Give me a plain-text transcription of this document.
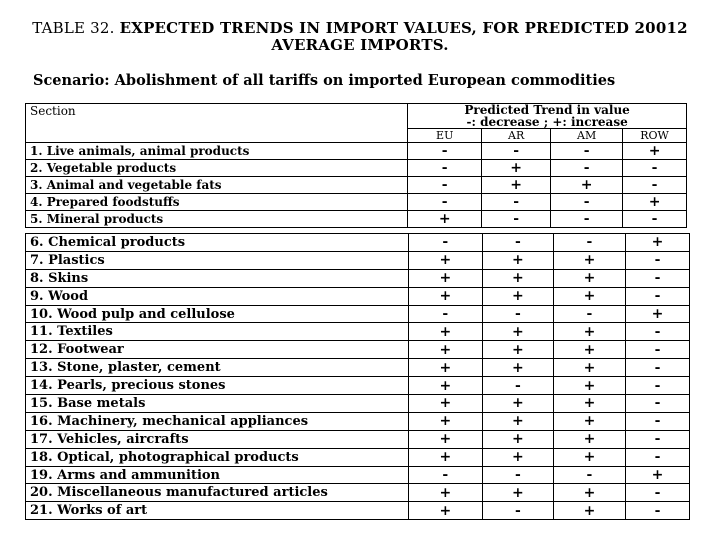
TABLE 32. EXPECTED TRENDS IN IMPORT VALUES, FOR PREDICTED 20012
AVERAGE IMPORTS.
Scenario: Abolishment of all tariffs on imported European commodities
Section	Predicted Trend in value
-: decrease ; +: increase			

	EU	AR	AM	ROW
1. Live animals, animal products	-	-	-	+
2. Vegetable products	-	+	-	-
3. Animal and vegetable fats	-	+	+	-
4. Prepared foodstuffs	-	-	-	+
5. Mineral products	+	-	-	-
6. Chemical products	-	-	-	+
7. Plastics	+	+	+	-
8. Skins	+	+	+	-
9. Wood	+	+	+	-
10. Wood pulp and cellulose	-	-	-	+
11. Textiles	+	+	+	-
12. Footwear	+	+	+	-
13. Stone, plaster, cement	+	+	+	-
14. Pearls, precious stones	+	-	+	-
15. Base metals	+	+	+	-
16. Machinery, mechanical appliances	+	+	+	-
17. Vehicles, aircrafts	+	+	+	-
18. Optical, photographical products	+	+	+	-
19. Arms and ammunition	-	-	-	+
20. Miscellaneous manufactured articles	+	+	+	-
21. Works of art	+	-	+	-
